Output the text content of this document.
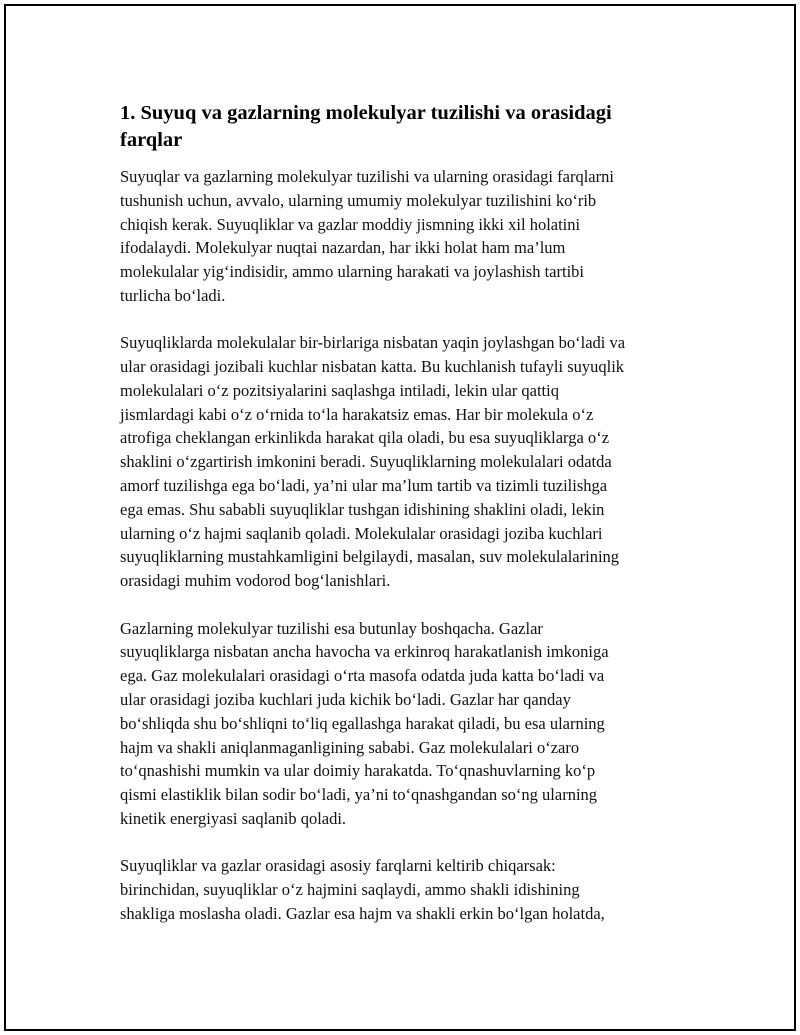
1. Suyuq va gazlarning molekulyar tuzilishi va orasidagi
farqlar

Suyuqlar va gazlarning molekulyar tuzilishi va ularning orasidagi farqlarni
tushunish uchun, avvalo, ularning umumiy molekulyar tuzilishini ko‘rib
chiqish kerak. Suyuqliklar va gazlar moddiy jismning ikki xil holatini
ifodalaydi. Molekulyar nuqtai nazardan, har ikki holat ham ma’lum
molekulalar yig‘indisidir, ammo ularning harakati va joylashish tartibi
turlicha bo‘ladi.

Suyuqliklarda molekulalar bir-birlariga nisbatan yaqin joylashgan bo‘ladi va
ular orasidagi jozibali kuchlar nisbatan katta. Bu kuchlanish tufayli suyuqlik
molekulalari o‘z pozitsiyalarini saqlashga intiladi, lekin ular qattiq
jismlardagi kabi o‘z o‘rnida to‘la harakatsiz emas. Har bir molekula o‘z
atrofiga cheklangan erkinlikda harakat qila oladi, bu esa suyuqliklarga o‘z
shaklini o‘zgartirish imkonini beradi. Suyuqliklarning molekulalari odatda
amorf tuzilishga ega bo‘ladi, ya’ni ular ma’lum tartib va tizimli tuzilishga
ega emas. Shu sababli suyuqliklar tushgan idishining shaklini oladi, lekin
ularning o‘z hajmi saqlanib qoladi. Molekulalar orasidagi joziba kuchlari
suyuqliklarning mustahkamligini belgilaydi, masalan, suv molekulalarining
orasidagi muhim vodorod bog‘lanishlari.

Gazlarning molekulyar tuzilishi esa butunlay boshqacha. Gazlar
suyuqliklarga nisbatan ancha havocha va erkinroq harakatlanish imkoniga
ega. Gaz molekulalari orasidagi o‘rta masofa odatda juda katta bo‘ladi va
ular orasidagi joziba kuchlari juda kichik bo‘ladi. Gazlar har qanday
bo‘shliqda shu bo‘shliqni to‘liq egallashga harakat qiladi, bu esa ularning
hajm va shakli aniqlanmaganligining sababi. Gaz molekulalari o‘zaro
to‘qnashishi mumkin va ular doimiy harakatda. To‘qnashuvlarning ko‘p
qismi elastiklik bilan sodir bo‘ladi, ya’ni to‘qnashgandan so‘ng ularning
kinetik energiyasi saqlanib qoladi.

Suyuqliklar va gazlar orasidagi asosiy farqlarni keltirib chiqarsak:
birinchidan, suyuqliklar o‘z hajmini saqlaydi, ammo shakli idishining
shakliga moslasha oladi. Gazlar esa hajm va shakli erkin bo‘lgan holatda,
